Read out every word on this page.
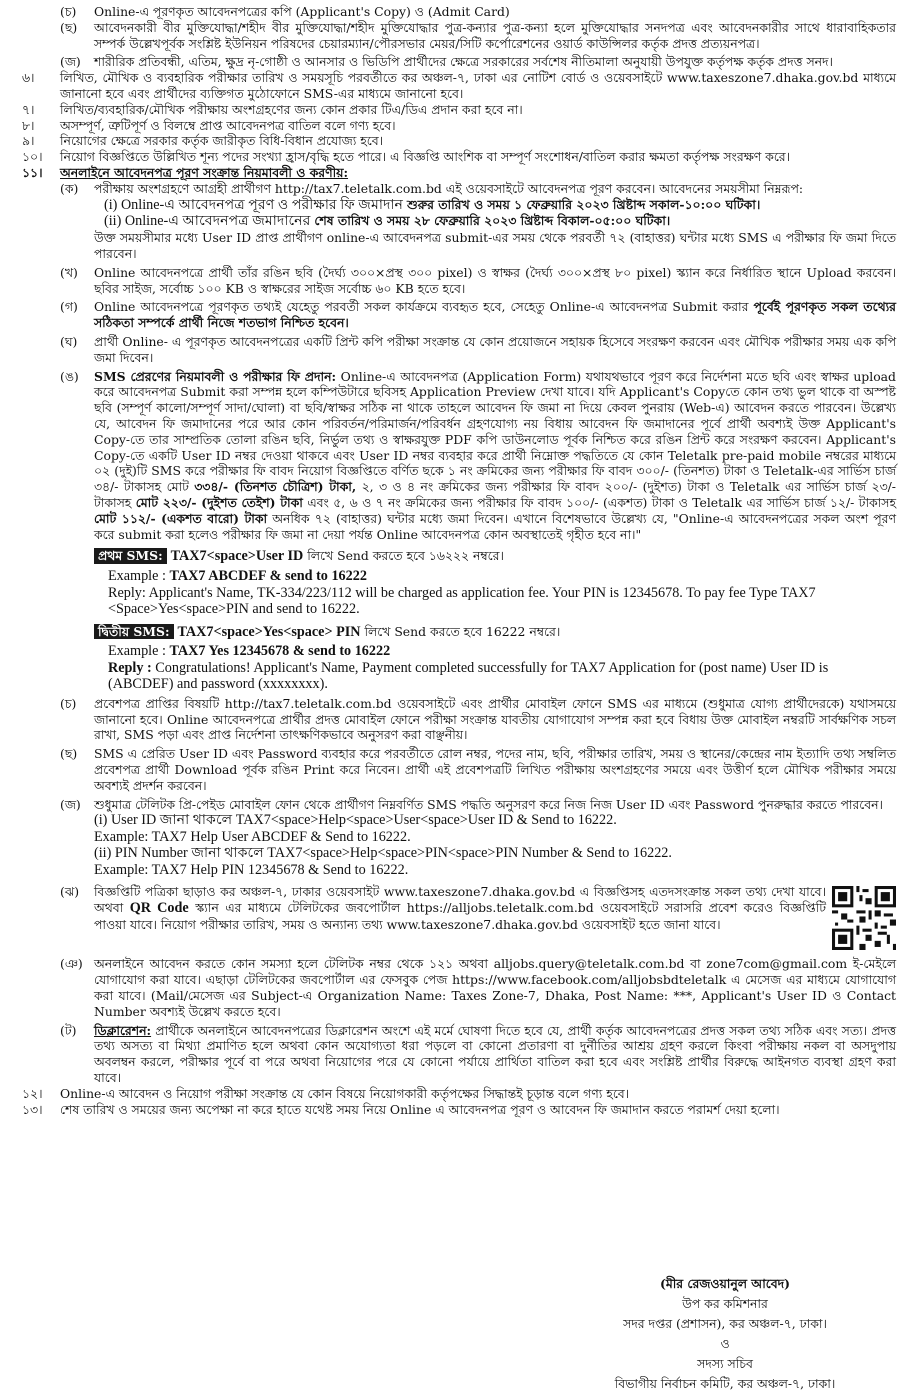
(চ)	Online-এ পূরণকৃত আবেদনপত্রের কপি (Applicant's Copy) ও (Admit Card)
(ছ)	আবেদনকারী বীর মুক্তিযোদ্ধা/শহীদ বীর মুক্তিযোদ্ধা/শহীদ মুক্তিযোদ্ধার পুত্র-কন্যার পুত্র-কন্যা হলে মুক্তিযোদ্ধার সনদপত্র এবং আবেদনকারীর সাথে ধারাবাহিকতার সম্পর্ক উল্লেখপূর্বক সংশ্লিষ্ট ইউনিয়ন পরিষদের চেয়ারম্যান/পৌরসভার মেয়র/সিটি কর্পোরেশনের ওয়ার্ড কাউন্সিলর কর্তৃক প্রদত্ত প্রত্যয়নপত্র।
(জ)	শারীরিক প্রতিবন্ধী, এতিম, ক্ষুদ্র নৃ-গোষ্ঠী ও আনসার ও ভিডিপি প্রার্থীদের ক্ষেত্রে সরকারের সর্বশেষ নীতিমালা অনুযায়ী উপযুক্ত কর্তৃপক্ষ কর্তৃক প্রদত্ত সনদ।
৬।	লিখিত, মৌখিক ও ব্যবহারিক পরীক্ষার তারিখ ও সময়সূচি পরবর্তীতে কর অঞ্চল-৭, ঢাকা এর নোটিশ বোর্ড ও ওয়েবসাইটে www.taxeszone7.dhaka.gov.bd মাধ্যমে জানানো হবে এবং প্রার্থীদের ব্যক্তিগত মুঠোফোনে SMS-এর মাধ্যমে জানানো হবে।
৭।	লিখিত/ব্যবহারিক/মৌখিক পরীক্ষায় অংশগ্রহণের জন্য কোন প্রকার টিএ/ডিএ প্রদান করা হবে না।
৮।	অসম্পূর্ণ, ত্রুটিপূর্ণ ও বিলম্বে প্রাপ্ত আবেদনপত্র বাতিল বলে গণ্য হবে।
৯।	নিয়োগের ক্ষেত্রে সরকার কর্তৃক জারীকৃত বিধি-বিধান প্রযোজ্য হবে।
১০।	নিয়োগ বিজ্ঞপ্তিতে উল্লিখিত শূন্য পদের সংখ্যা হ্রাস/বৃদ্ধি হতে পারে। এ বিজ্ঞপ্তি আংশিক বা সম্পূর্ণ সংশোধন/বাতিল করার ক্ষমতা কর্তৃপক্ষ সংরক্ষণ করে।
১১।	অনলাইনে আবেদনপত্র পূরণ সংক্রান্ত নিয়মাবলী ও করণীয়:
(ক)	পরীক্ষায় অংশগ্রহণে আগ্রহী প্রার্থীগণ http://tax7.teletalk.com.bd এই ওয়েবসাইটে আবেদনপত্র পূরণ করবেন। আবেদনের সময়সীমা নিম্নরূপ:
(i) Online-এ আবেদনপত্র পূরণ ও পরীক্ষার ফি জমাদান শুরুর তারিখ ও সময় ১ ফেব্রুয়ারি ২০২৩ খ্রিষ্টাব্দ সকাল-১০:০০ ঘটিকা।
(ii) Online-এ আবেদনপত্র জমাদানের শেষ তারিখ ও সময় ২৮ ফেব্রুয়ারি ২০২৩ খ্রিষ্টাব্দ বিকাল-০৫:০০ ঘটিকা।
উক্ত সময়সীমার মধ্যে User ID প্রাপ্ত প্রার্থীগণ online-এ আবেদনপত্র submit-এর সময় থেকে পরবর্তী ৭২ (বাহাত্তর) ঘন্টার মধ্যে SMS এ পরীক্ষার ফি জমা দিতে পারবেন।
(খ)	Online আবেদনপত্রে প্রার্থী তাঁর রঙিন ছবি (দৈর্ঘ্য ৩০০×প্রস্থ ৩০০ pixel) ও স্বাক্ষর (দৈর্ঘ্য ৩০০×প্রস্থ ৮০ pixel) স্ক্যান করে নির্ধারিত স্থানে Upload করবেন। ছবির সাইজ, সর্বোচ্চ ১০০ KB ও স্বাক্ষরের সাইজ সর্বোচ্চ ৬০ KB হতে হবে।
(গ)	Online আবেদনপত্রে পূরণকৃত তথ্যই যেহেতু পরবর্তী সকল কার্যক্রমে ব্যবহৃত হবে, সেহেতু Online-এ আবেদনপত্র Submit করার পূর্বেই পূরণকৃত সকল তথ্যের সঠিকতা সম্পর্কে প্রার্থী নিজে শতভাগ নিশ্চিত হবেন।
(ঘ)	প্রার্থী Online- এ পূরণকৃত আবেদনপত্রের একটি প্রিন্ট কপি পরীক্ষা সংক্রান্ত যে কোন প্রয়োজনে সহায়ক হিসেবে সংরক্ষণ করবেন এবং মৌখিক পরীক্ষার সময় এক কপি জমা দিবেন।
(ঙ)	SMS প্রেরণের নিয়মাবলী ও পরীক্ষার ফি প্রদান: Online-এ আবেদনপত্র (Application Form) যথাযথভাবে পূরণ করে নির্দেশনা মতে ছবি এবং স্বাক্ষর upload করে আবেদনপত্র Submit করা সম্পন্ন হলে কম্পিউটারে ছবিসহ Application Preview দেখা যাবে। যদি Applicant's Copyতে কোন তথ্য ভুল থাকে বা অস্পষ্ট ছবি (সম্পূর্ণ কালো/সম্পূর্ণ সাদা/ঘোলা) বা ছবি/স্বাক্ষর সঠিক না থাকে তাহলে আবেদন ফি জমা না দিয়ে কেবল পুনরায় (Web-এ) আবেদন করতে পারবেন। উল্লেখ্য যে, আবেদন ফি জমাদানের পরে আর কোন পরিবর্তন/পরিমার্জন/পরিবর্ধন গ্রহণযোগ্য নয় বিধায় আবেদন ফি জমাদানের পূর্বে প্রার্থী অবশ্যই উক্ত Applicant's Copy-তে তার সাম্প্রতিক তোলা রঙিন ছবি, নির্ভুল তথ্য ও স্বাক্ষরযুক্ত PDF কপি ডাউনলোড পূর্বক নিশ্চিত করে রঙিন প্রিন্ট করে সংরক্ষণ করবেন। Applicant's Copy-তে একটি User ID নম্বর দেওয়া থাকবে এবং User ID নম্বর ব্যবহার করে প্রার্থী নিম্নোক্ত পদ্ধতিতে যে কোন Teletalk pre-paid mobile নম্বরের মাধ্যমে ০২ (দুই)টি SMS করে পরীক্ষার ফি বাবদ নিয়োগ বিজ্ঞপ্তিতে বর্ণিত ছকে ১ নং ক্রমিকের জন্য পরীক্ষার ফি বাবদ ৩০০/- (তিনশত) টাকা ও Teletalk-এর সার্ভিস চার্জ ৩৪/- টাকাসহ মোট ৩৩৪/- (তিনশত চৌত্রিশ) টাকা, ২, ৩ ও ৪ নং ক্রমিকের জন্য পরীক্ষার ফি বাবদ ২০০/- (দুইশত) টাকা ও Teletalk এর সার্ভিস চার্জ ২৩/- টাকাসহ মোট ২২৩/- (দুইশত তেইশ) টাকা এবং ৫, ৬ ও ৭ নং ক্রমিকের জন্য পরীক্ষার ফি বাবদ ১০০/- (একশত) টাকা ও Teletalk এর সার্ভিস চার্জ ১২/- টাকাসহ মোট ১১২/- (একশত বারো) টাকা অনধিক ৭২ (বাহাত্তর) ঘন্টার মধ্যে জমা দিবেন। এখানে বিশেষভাবে উল্লেখ্য যে, "Online-এ আবেদনপত্রের সকল অংশ পূরণ করে submit করা হলেও পরীক্ষার ফি জমা না দেয়া পর্যন্ত Online আবেদনপত্র কোন অবস্থাতেই গৃহীত হবে না।"
প্রথম SMS: TAX7<space>User ID লিখে Send করতে হবে ১৬২২২ নম্বরে।
Example : TAX7 ABCDEF & send to 16222
Reply: Applicant's Name, TK-334/223/112 will be charged as application fee. Your PIN is 12345678. To pay fee Type TAX7 <Space>Yes<space>PIN and send to 16222.
দ্বিতীয় SMS: TAX7<space>Yes<space> PIN লিখে Send করতে হবে 16222 নম্বরে।
Example : TAX7 Yes 12345678 & send to 16222
Reply : Congratulations! Applicant's Name, Payment completed successfully for TAX7 Application for (post name) User ID is (ABCDEF) and password (xxxxxxxx).
(চ)	প্রবেশপত্র প্রাপ্তির বিষয়টি http://tax7.teletalk.com.bd ওয়েবসাইটে এবং প্রার্থীর মোবাইল ফোনে SMS এর মাধ্যমে (শুধুমাত্র যোগ্য প্রার্থীদেরকে) যথাসময়ে জানানো হবে। Online আবেদনপত্রে প্রার্থীর প্রদত্ত মোবাইল ফোনে পরীক্ষা সংক্রান্ত যাবতীয় যোগাযোগ সম্পন্ন করা হবে বিধায় উক্ত মোবাইল নম্বরটি সার্বক্ষণিক সচল রাখা, SMS পড়া এবং প্রাপ্ত নির্দেশনা তাৎক্ষণিকভাবে অনুসরণ করা বাঞ্ছনীয়।
(ছ)	SMS এ প্রেরিত User ID এবং Password ব্যবহার করে পরবর্তীতে রোল নম্বর, পদের নাম, ছবি, পরীক্ষার তারিখ, সময় ও স্থানের/কেন্দ্রের নাম ইত্যাদি তথ্য সম্বলিত প্রবেশপত্র প্রার্থী Download পূর্বক রঙিন Print করে নিবেন। প্রার্থী এই প্রবেশপত্রটি লিখিত পরীক্ষায় অংশগ্রহণের সময়ে এবং উত্তীর্ণ হলে মৌখিক পরীক্ষার সময়ে অবশ্যই প্রদর্শন করবেন।
(জ)	শুধুমাত্র টেলিটক প্রি-পেইড মোবাইল ফোন থেকে প্রার্থীগণ নিম্নবর্ণিত SMS পদ্ধতি অনুসরণ করে নিজ নিজ User ID এবং Password পুনরুদ্ধার করতে পারবেন।
(i) User ID জানা থাকলে TAX7<space>Help<space>User<space>User ID & Send to 16222.
Example: TAX7 Help User ABCDEF & Send to 16222.
(ii) PIN Number জানা থাকলে TAX7<space>Help<space>PIN<space>PIN Number & Send to 16222.
Example: TAX7 Help PIN 12345678 & Send to 16222.
(ঝ)	বিজ্ঞপ্তিটি পত্রিকা ছাড়াও কর অঞ্চল-৭, ঢাকার ওয়েবসাইট www.taxeszone7.dhaka.gov.bd এ বিজ্ঞপ্তিসহ এতদসংক্রান্ত সকল তথ্য দেখা যাবে। অথবা QR Code স্ক্যান এর মাধ্যমে টেলিটকের জবপোর্টাল https://alljobs.teletalk.com.bd ওয়েবসাইটে সরাসরি প্রবেশ করেও বিজ্ঞপ্তিটি পাওয়া যাবে। নিয়োগ পরীক্ষার তারিখ, সময় ও অন্যান্য তথ্য www.taxeszone7.dhaka.gov.bd ওয়েবসাইট হতে জানা যাবে।
(ঞ) অনলাইনে আবেদন করতে কোন সমস্যা হলে টেলিটক নম্বর থেকে ১২১ অথবা alljobs.query@teletalk.com.bd বা zone7com@gmail.com ই-মেইলে যোগাযোগ করা যাবে। এছাড়া টেলিটকের জবপোর্টাল এর ফেসবুক পেজ https://www.facebook.com/alljobsbdteletalk এ মেসেজ এর মাধ্যমে যোগাযোগ করা যাবে। (Mail/মেসেজ এর Subject-এ Organization Name: Taxes Zone-7, Dhaka, Post Name: ***, Applicant's User ID ও Contact Number অবশ্যই উল্লেখ করতে হবে।
(ট)	ডিক্লারেশন: প্রার্থীকে অনলাইনে আবেদনপত্রের ডিক্লারেশন অংশে এই মর্মে ঘোষণা দিতে হবে যে, প্রার্থী কর্তৃক আবেদনপত্রের প্রদত্ত সকল তথ্য সঠিক এবং সত্য। প্রদত্ত তথ্য অসত্য বা মিথ্যা প্রমাণিত হলে অথবা কোন অযোগ্যতা ধরা পড়লে বা কোনো প্রতারণা বা দুর্নীতির আশ্রয় গ্রহণ করলে কিংবা পরীক্ষায় নকল বা অসদুপায় অবলম্বন করলে, পরীক্ষার পূর্বে বা পরে অথবা নিয়োগের পরে যে কোনো পর্যায়ে প্রার্থিতা বাতিল করা হবে এবং সংশ্লিষ্ট প্রার্থীর বিরুদ্ধে আইনগত ব্যবস্থা গ্রহণ করা যাবে।
১২।	Online-এ আবেদন ও নিয়োগ পরীক্ষা সংক্রান্ত যে কোন বিষয়ে নিয়োগকারী কর্তৃপক্ষের সিদ্ধান্তই চূড়ান্ত বলে গণ্য হবে।
১৩।	শেষ তারিখ ও সময়ের জন্য অপেক্ষা না করে হাতে যথেষ্ট সময় নিয়ে Online এ আবেদনপত্র পূরণ ও আবেদন ফি জমাদান করতে পরামর্শ দেয়া হলো।
(মীর রেজওয়ানুল আবেদ)
উপ কর কমিশনার
সদর দপ্তর (প্রশাসন), কর অঞ্চল-৭, ঢাকা।
ও
সদস্য সচিব
বিভাগীয় নির্বাচন কমিটি, কর অঞ্চল-৭, ঢাকা।
